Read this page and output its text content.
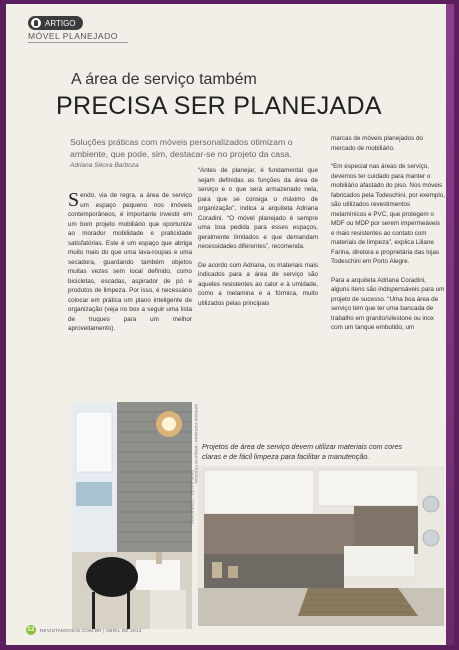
ARTIGO
MÓVEL PLANEJADO
A área de serviço também
PRECISA SER PLANEJADA
Soluções práticas com móveis personalizados otimizam o ambiente, que pode, sim, destacar-se no projeto da casa.
Adriana Sikora Barboza

Sendo, via de regra, a área de serviço um espaço pequeno nos imóveis contemporâneos, é importante investir em um bom projeto mobiliário que oportunize ao morador mobilidade e praticidade satisfatórias. Este é um espaço que abriga muito mais do que uma lava-roupas e uma secadora, guardando também objetos muitas vezes sem local definido, como bicicletas, escadas, aspirador de pó e produtos de limpeza. Por isso, é necessário colocar em prática um plano inteligente de organização (veja no box a seguir uma lista de truques para um melhor aproveitamento).

“Antes de planejar, é fundamental que sejam definidas as funções da área de serviço e o que será armazenado nela, para que se consiga o máximo de organização”, indica a arquiteta Adriana Coradini. “O móvel planejado é sempre uma boa pedida para esses espaços, geralmente limitados e que demandam necessidades diferentes”, recomenda.

De acordo com Adriana, os materiais mais indicados para a área de serviço são aqueles resistentes ao calor e à umidade, como a melamina e a fórmica, muito utilizados pelas principais

marcas de móveis planejados do mercado de mobiliário.

“Em especial nas áreas de serviço, devemos ter cuidado para manter o mobiliário afastado do piso. Nos móveis fabricados pela Todeschini, por exemplo, são utilizados revestimentos melamínicos e PVC, que protegem o MDF ou MDP por serem impermeáveis e mais resistentes ao contato com materiais de limpeza”, explica Liliane Farina, diretora e proprietária das lojas Todeschini em Porto Alegre.

Para a arquiteta Adriana Coradini, alguns itens são indispensáveis para um projeto de sucesso. “Uma boa área de serviço tem que ter uma bancada de trabalho em granito/silestone ou inox com um tanque embutido, um

Projetos de área de serviço devem utilizar materiais com cores claras e de fácil limpeza para facilitar a manutenção.
ADRIANA CORADINI / ARQUIVO PESSOAL
DIVULGAÇÃO / TODESCHINI
12	REVISTAMOVEIS.COM.BR | ABRIL DE 2013
